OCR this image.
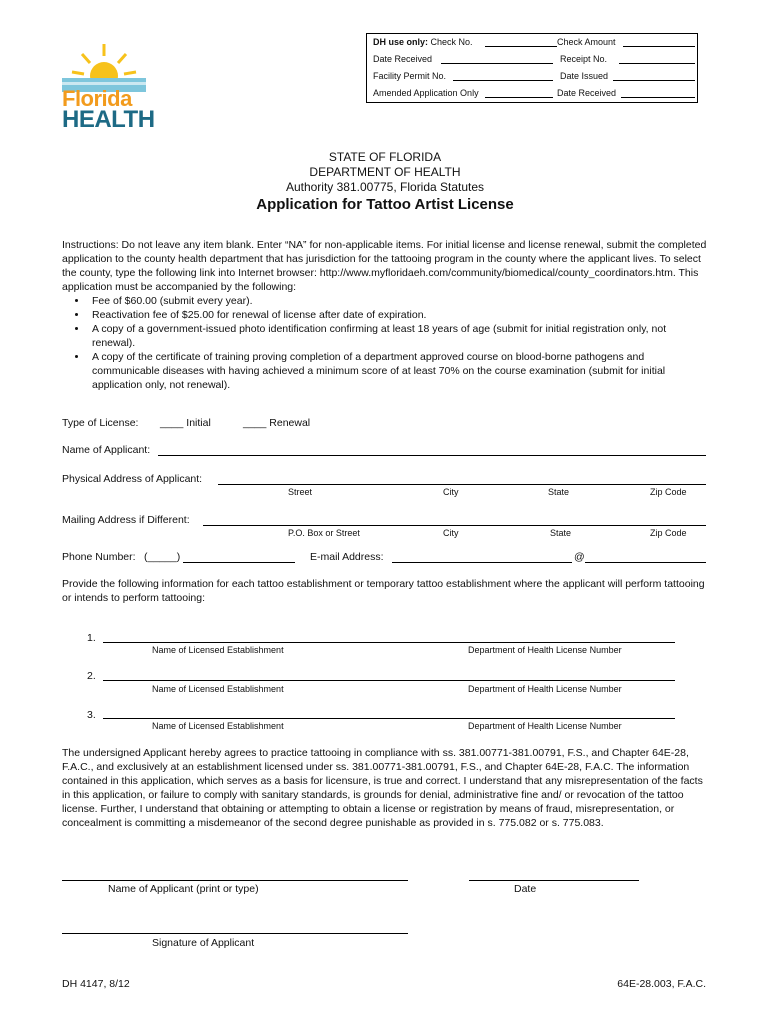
Florida
HEALTH
DH use only: Check No.	Check Amount
Date Received	Receipt No.
Facility Permit No.	Date Issued
Amended Application Only	Date Received
STATE OF FLORIDA
DEPARTMENT OF HEALTH
Authority 381.00775, Florida Statutes
Application for Tattoo Artist License
Instructions: Do not leave any item blank. Enter “NA” for non-applicable items. For initial license and license renewal, submit the completed application to the county health department that has jurisdiction for the tattooing program in the county where the applicant lives. To select the county, type the following link into Internet browser: http://www.myfloridaeh.com/community/biomedical/county_coordinators.htm. This application must be accompanied by the following:
• Fee of $60.00 (submit every year).
• Reactivation fee of $25.00 for renewal of license after date of expiration.
• A copy of a government-issued photo identification confirming at least 18 years of age (submit for initial registration only, not renewal).
• A copy of the certificate of training proving completion of a department approved course on blood-borne pathogens and communicable diseases with having achieved a minimum score of at least 70% on the course examination (submit for initial application only, not renewal).
Type of License: ____ Initial	____ Renewal
Name of Applicant:
Physical Address of Applicant:
Street	City	State	Zip Code
Mailing Address if Different:
P.O. Box or Street	City	State	Zip Code
Phone Number: (_____)	E-mail Address:	@
Provide the following information for each tattoo establishment or temporary tattoo establishment where the applicant will perform tattooing or intends to perform tattooing:
1.
Name of Licensed Establishment	Department of Health License Number
2.
Name of Licensed Establishment	Department of Health License Number
3.
Name of Licensed Establishment	Department of Health License Number
The undersigned Applicant hereby agrees to practice tattooing in compliance with ss. 381.00771-381.00791, F.S., and Chapter 64E-28, F.A.C., and exclusively at an establishment licensed under ss. 381.00771-381.00791, F.S., and Chapter 64E-28, F.A.C. The information contained in this application, which serves as a basis for licensure, is true and correct. I understand that any misrepresentation of the facts in this application, or failure to comply with sanitary standards, is grounds for denial, administrative fine and/ or revocation of the tattoo license. Further, I understand that obtaining or attempting to obtain a license or registration by means of fraud, misrepresentation, or concealment is committing a misdemeanor of the second degree punishable as provided in s. 775.082 or s. 775.083.
Name of Applicant (print or type)	Date
Signature of Applicant
DH 4147, 8/12	64E-28.003, F.A.C.
